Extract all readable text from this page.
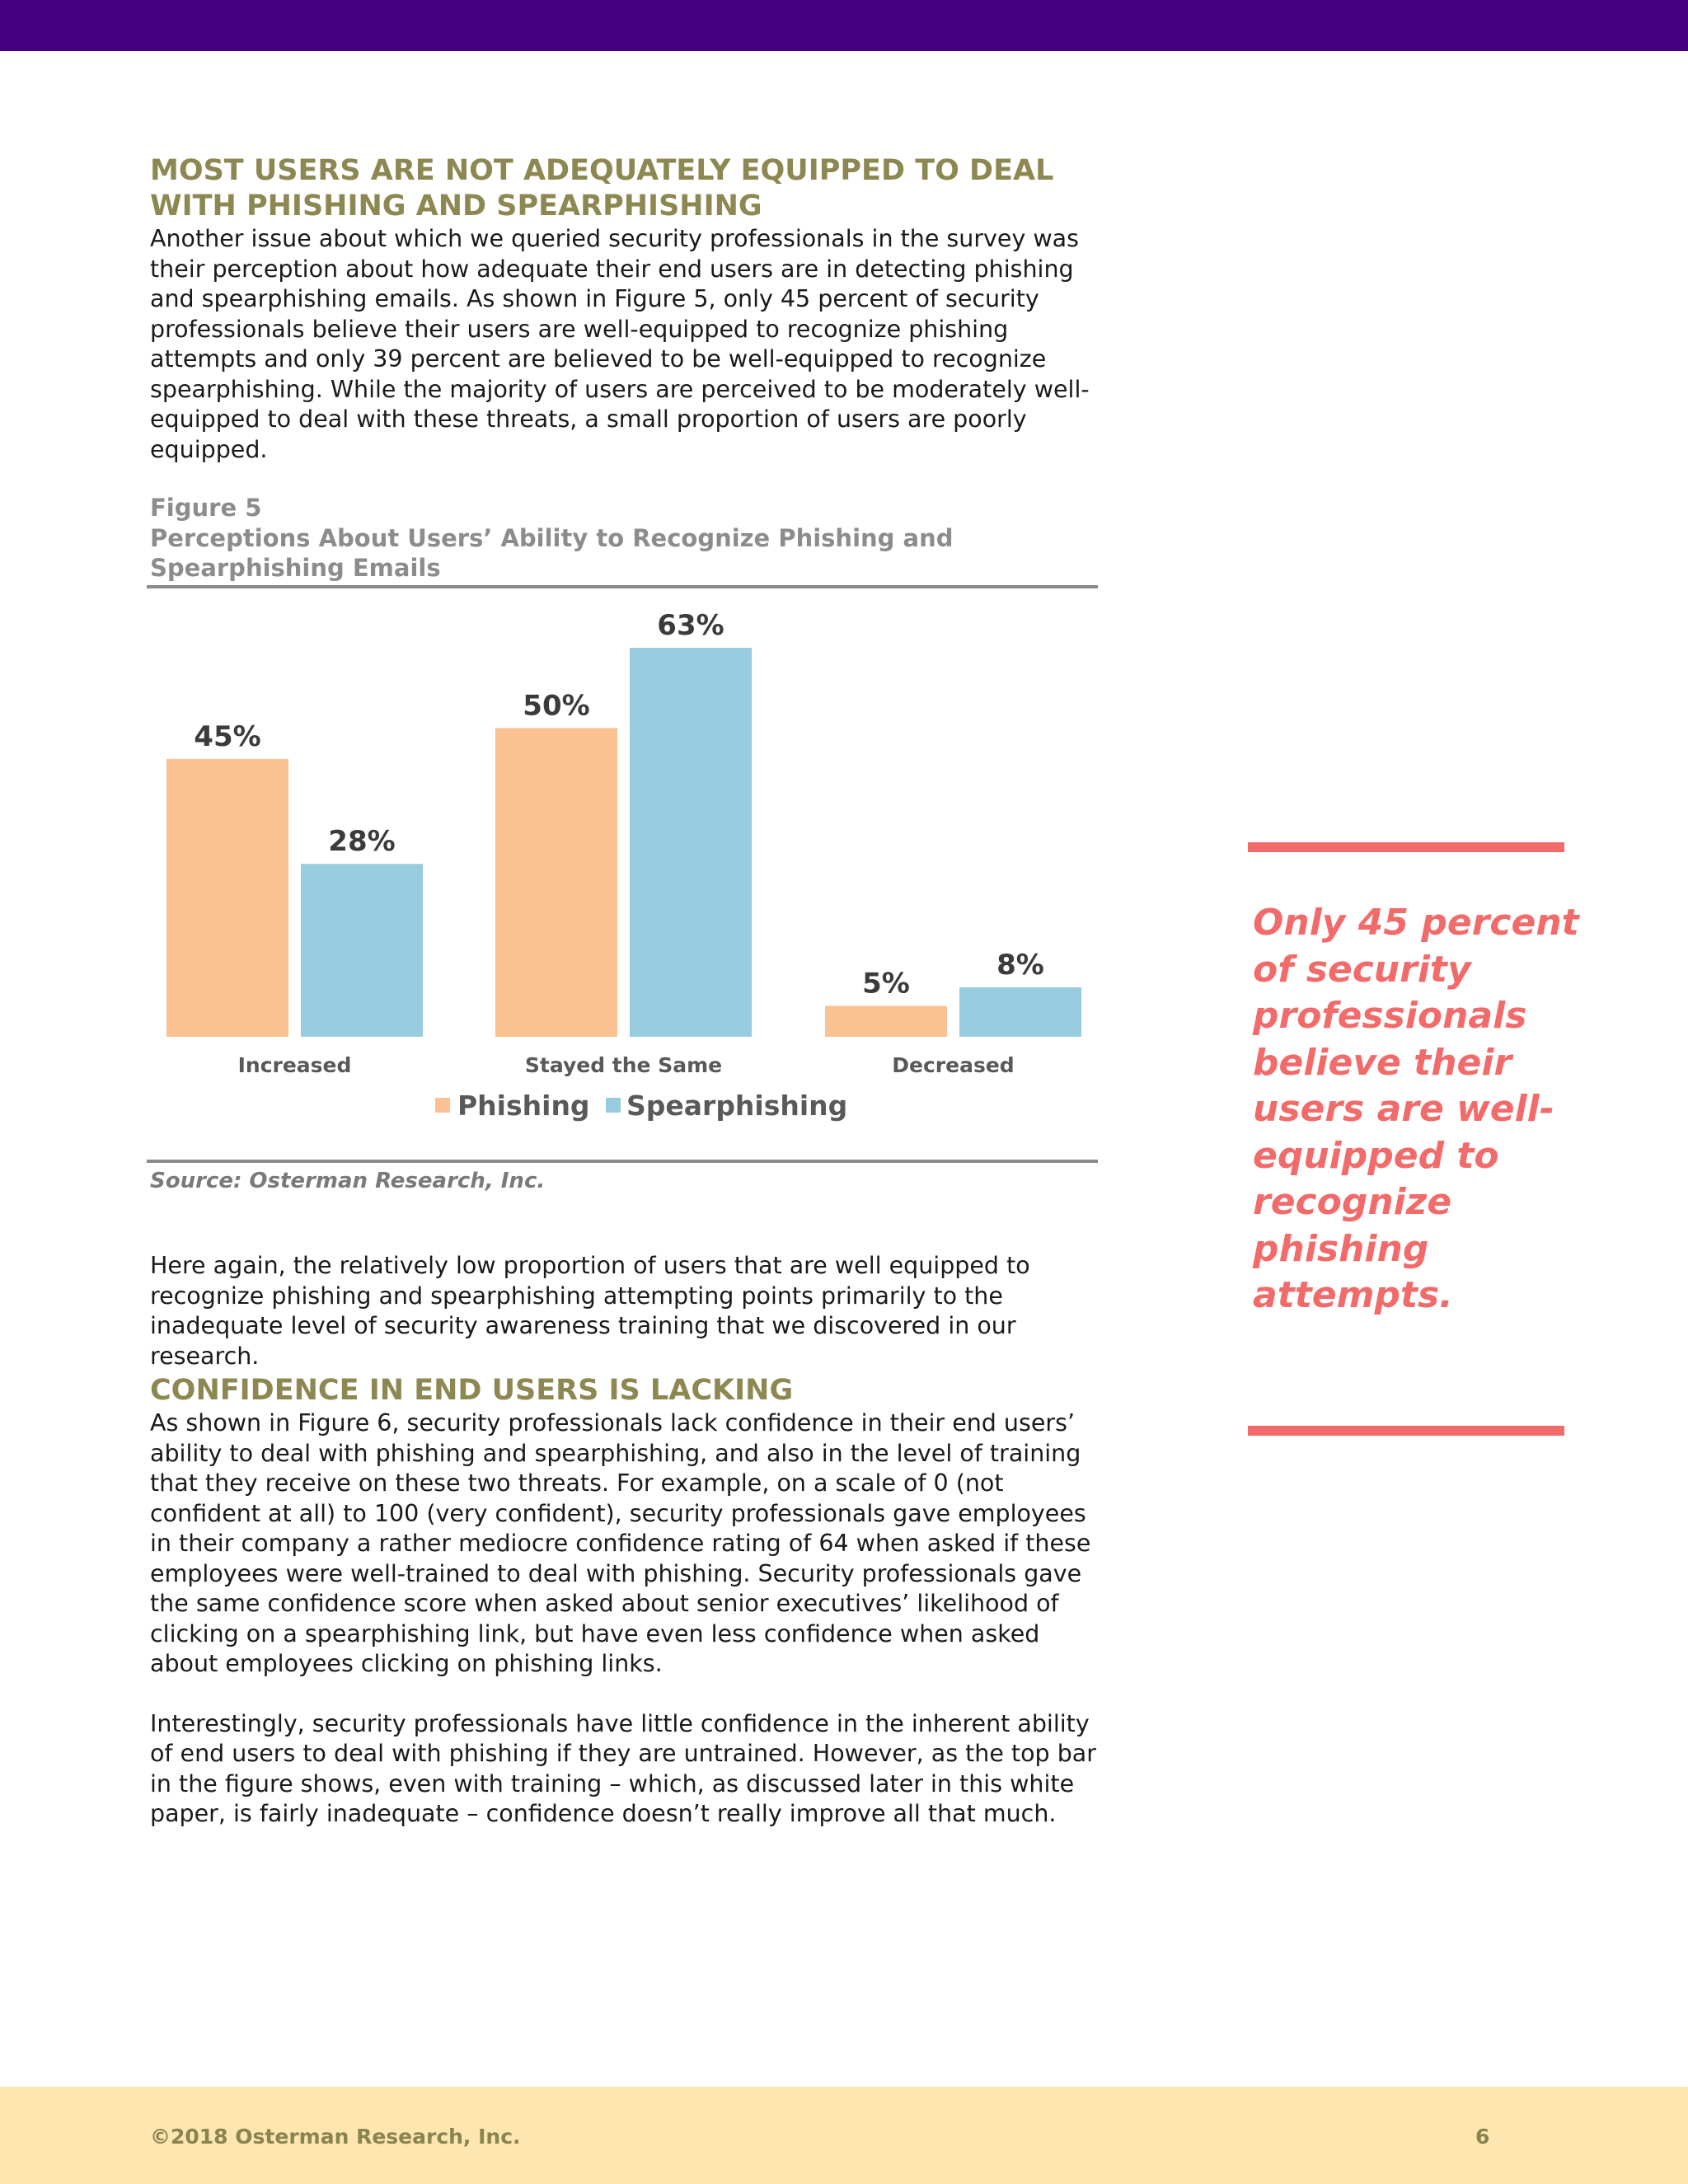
MOST USERS ARE NOT ADEQUATELY EQUIPPED TO DEAL WITH PHISHING AND SPEARPHISHING

Another issue about which we queried security professionals in the survey was their perception about how adequate their end users are in detecting phishing and spearphishing emails. As shown in Figure 5, only 45 percent of security professionals believe their users are well-equipped to recognize phishing attempts and only 39 percent are believed to be well-equipped to recognize spearphishing. While the majority of users are perceived to be moderately well-equipped to deal with these threats, a small proportion of users are poorly equipped.

Figure 5
Perceptions About Users’ Ability to Recognize Phishing and Spearphishing Emails
45%
28%
Increased
50%
63%
Stayed the Same
5%
8%
Decreased
Phishing Spearphishing
Source: Osterman Research, Inc.

Here again, the relatively low proportion of users that are well equipped to recognize phishing and spearphishing attempting points primarily to the inadequate level of security awareness training that we discovered in our research.

CONFIDENCE IN END USERS IS LACKING

As shown in Figure 6, security professionals lack confidence in their end users’ ability to deal with phishing and spearphishing, and also in the level of training that they receive on these two threats. For example, on a scale of 0 (not confident at all) to 100 (very confident), security professionals gave employees in their company a rather mediocre confidence rating of 64 when asked if these employees were well-trained to deal with phishing. Security professionals gave the same confidence score when asked about senior executives’ likelihood of clicking on a spearphishing link, but have even less confidence when asked about employees clicking on phishing links.

Interestingly, security professionals have little confidence in the inherent ability of end users to deal with phishing if they are untrained. However, as the top bar in the figure shows, even with training – which, as discussed later in this white paper, is fairly inadequate – confidence doesn’t really improve all that much.

Only 45 percent of security professionals believe their users are well-equipped to recognize phishing attempts.
©2018 Osterman Research, Inc.	6
